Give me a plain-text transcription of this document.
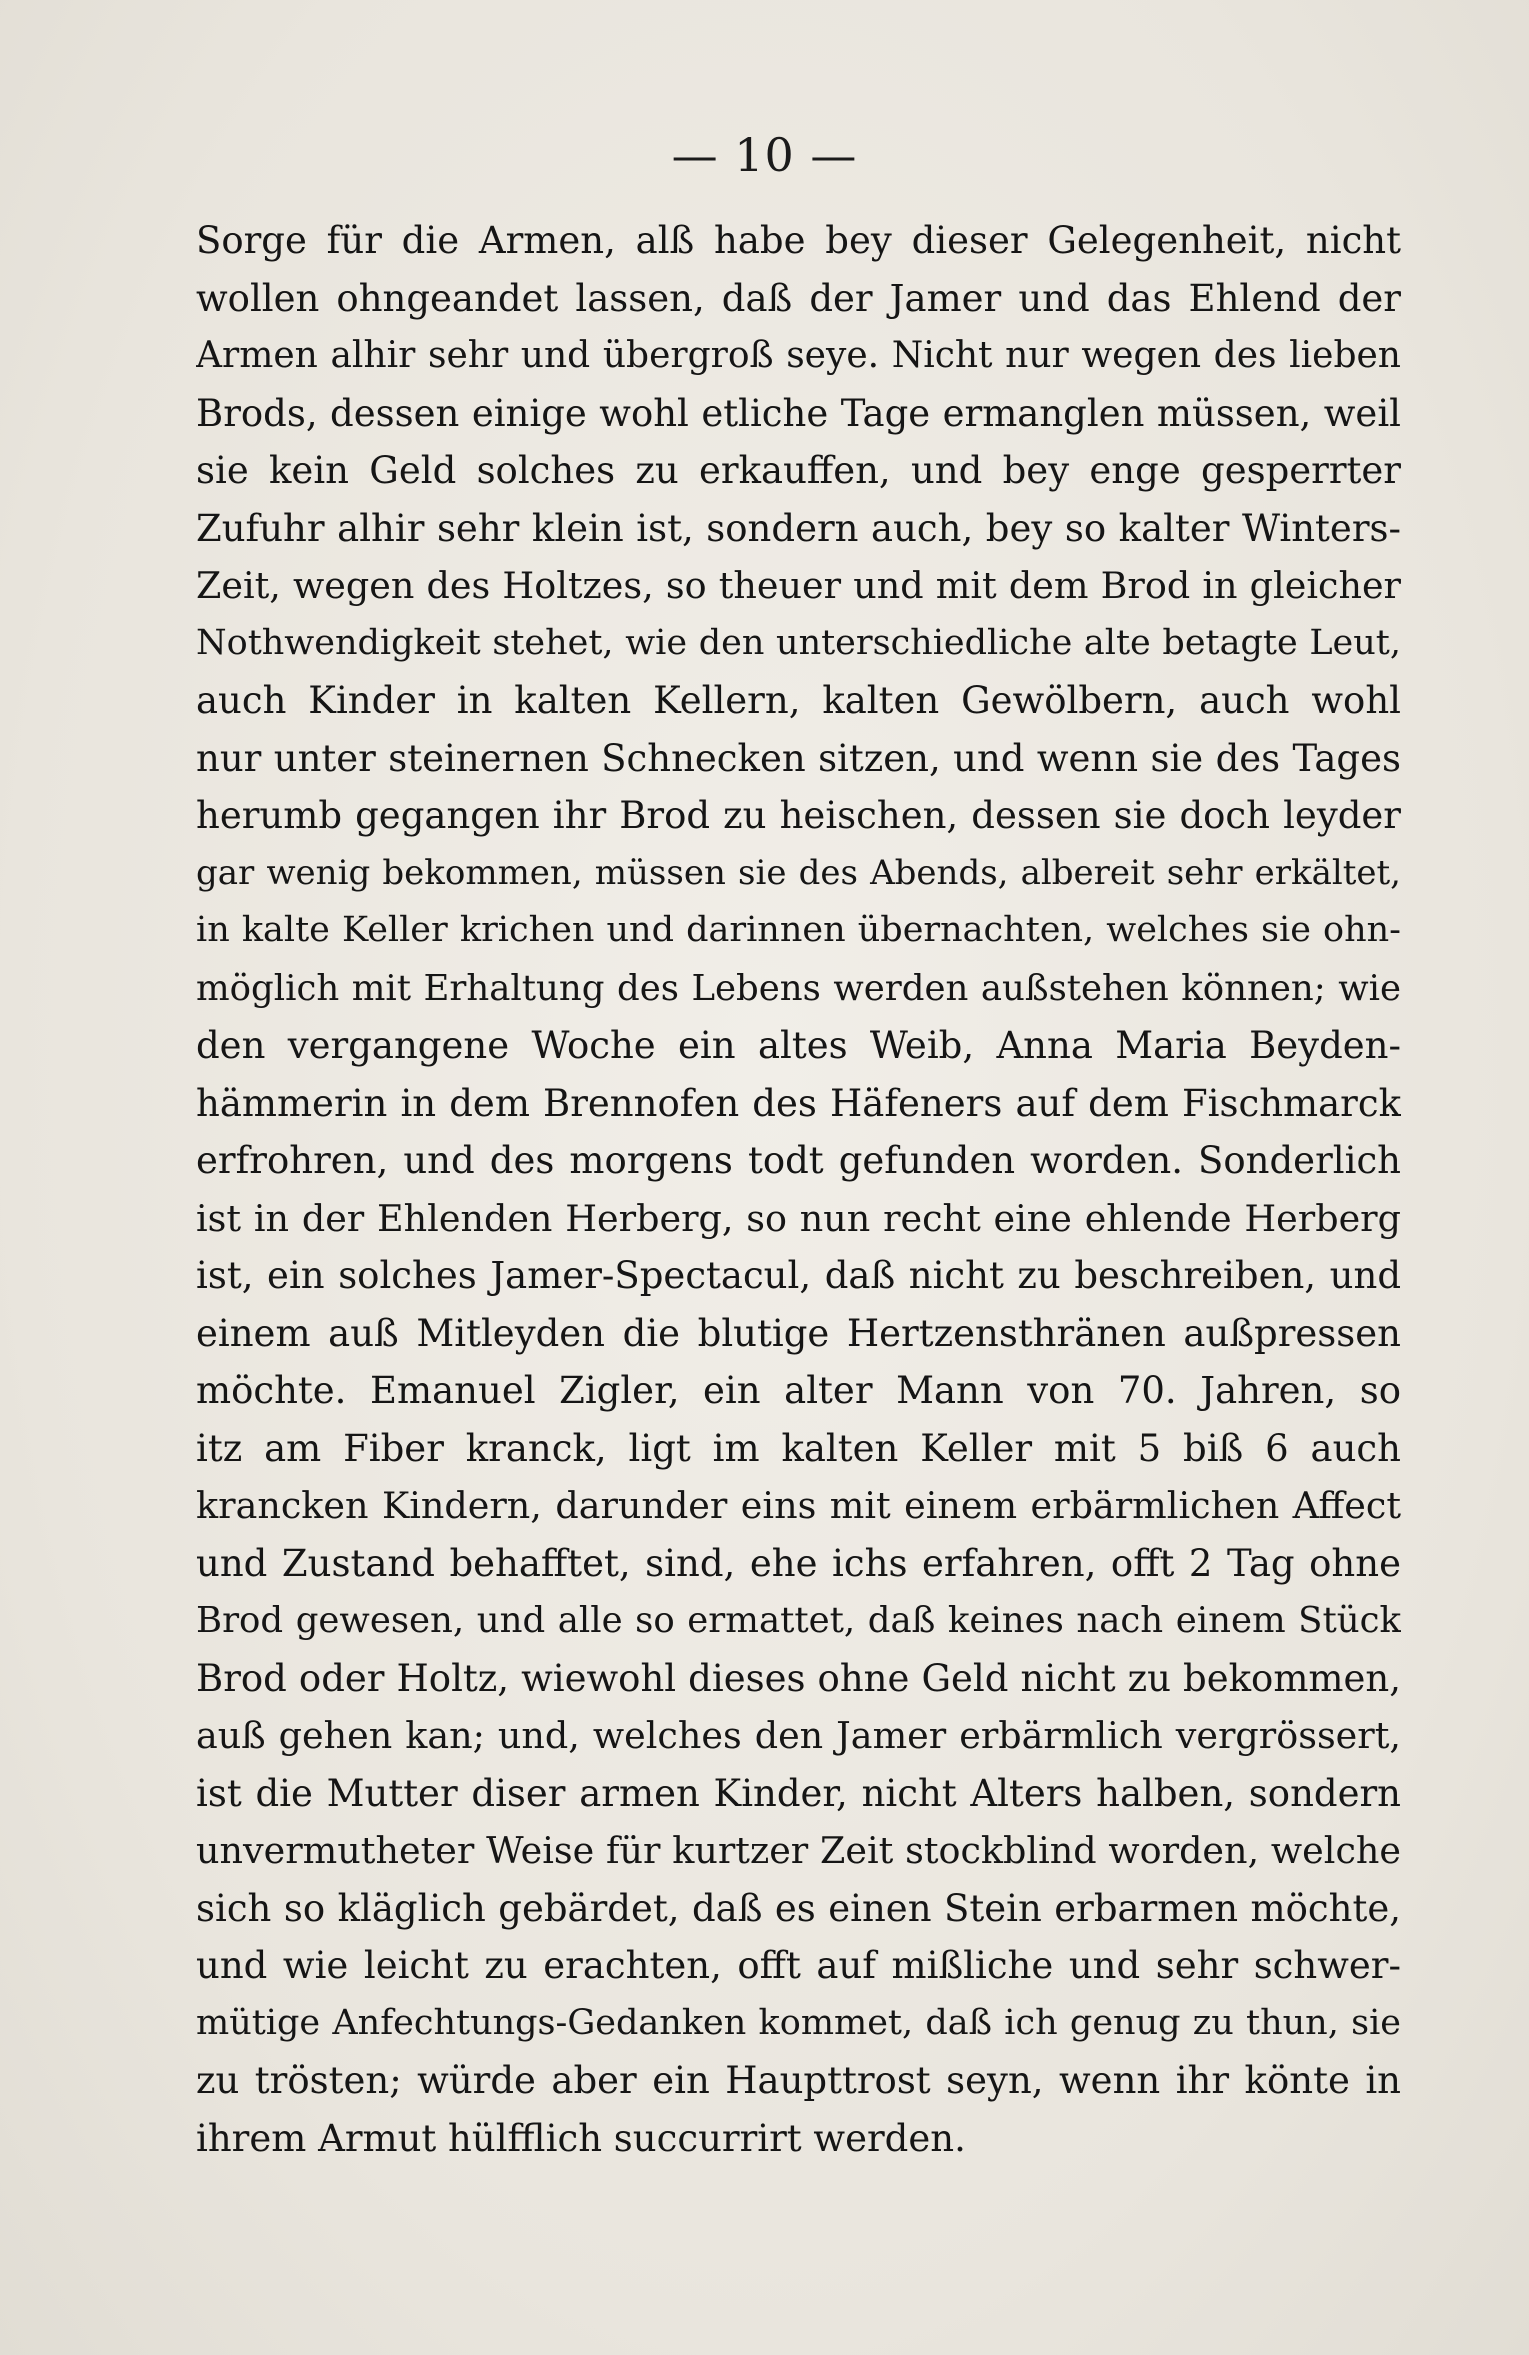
— 10 —
Sorge für die Armen, alß habe bey dieser Gelegenheit, nicht
wollen ohngeandet lassen, daß der Jamer und das Ehlend der
Armen alhir sehr und übergroß seye. Nicht nur wegen des lieben
Brods, dessen einige wohl etliche Tage ermanglen müssen, weil
sie kein Geld solches zu erkauffen, und bey enge gesperrter
Zufuhr alhir sehr klein ist, sondern auch, bey so kalter Winters-
Zeit, wegen des Holtzes, so theuer und mit dem Brod in gleicher
Nothwendigkeit stehet, wie den unterschiedliche alte betagte Leut,
auch Kinder in kalten Kellern, kalten Gewölbern, auch wohl
nur unter steinernen Schnecken sitzen, und wenn sie des Tages
herumb gegangen ihr Brod zu heischen, dessen sie doch leyder
gar wenig bekommen, müssen sie des Abends, albereit sehr erkältet,
in kalte Keller krichen und darinnen übernachten, welches sie ohn-
möglich mit Erhaltung des Lebens werden außstehen können; wie
den vergangene Woche ein altes Weib, Anna Maria Beyden-
hämmerin in dem Brennofen des Häfeners auf dem Fischmarck
erfrohren, und des morgens todt gefunden worden. Sonderlich
ist in der Ehlenden Herberg, so nun recht eine ehlende Herberg
ist, ein solches Jamer-Spectacul, daß nicht zu beschreiben, und
einem auß Mitleyden die blutige Hertzensthränen außpressen
möchte. Emanuel Zigler, ein alter Mann von 70. Jahren, so
itz am Fiber kranck, ligt im kalten Keller mit 5 biß 6 auch
krancken Kindern, darunder eins mit einem erbärmlichen Affect
und Zustand behafftet, sind, ehe ichs erfahren, offt 2 Tag ohne
Brod gewesen, und alle so ermattet, daß keines nach einem Stück
Brod oder Holtz, wiewohl dieses ohne Geld nicht zu bekommen,
auß gehen kan; und, welches den Jamer erbärmlich vergrössert,
ist die Mutter diser armen Kinder, nicht Alters halben, sondern
unvermutheter Weise für kurtzer Zeit stockblind worden, welche
sich so kläglich gebärdet, daß es einen Stein erbarmen möchte,
und wie leicht zu erachten, offt auf mißliche und sehr schwer-
mütige Anfechtungs-Gedanken kommet, daß ich genug zu thun, sie
zu trösten; würde aber ein Haupttrost seyn, wenn ihr könte in
ihrem Armut hülfflich succurrirt werden.
